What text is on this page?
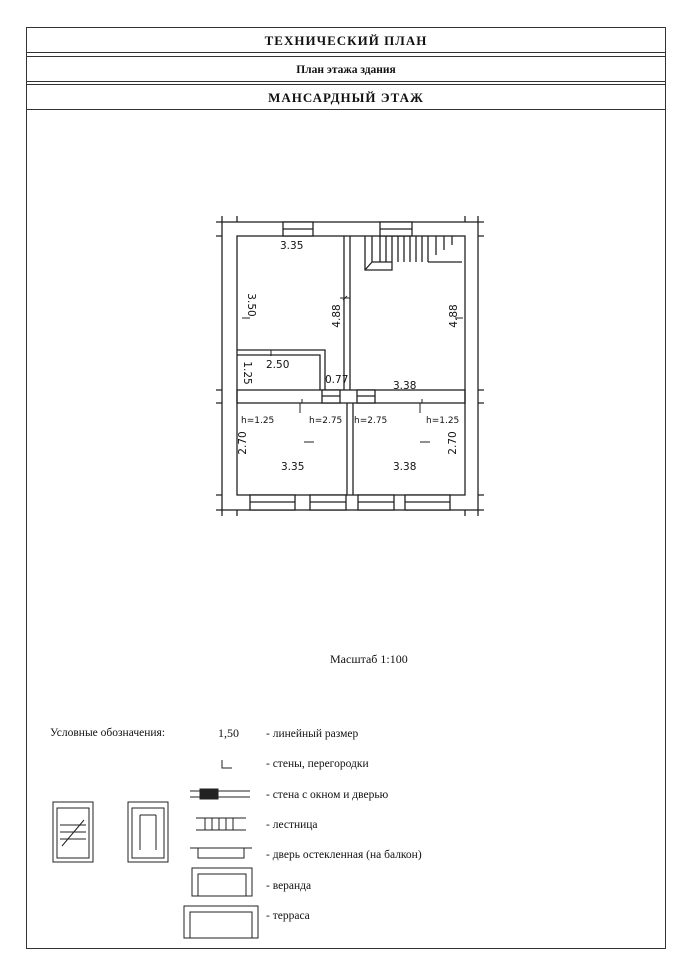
ТЕХНИЧЕСКИЙ ПЛАН
План этажа здания
МАНСАРДНЫЙ ЭТАЖ
3.35
3.50	4.88	4.88
2.50
1.25	0.77	3.38
2.70	2.70
3.35	3.38
h=1.25	h=2.75 h=2.75	h=1.25
Масштаб 1:100
Условные обозначения:	1,50 - линейный размер
- стены, перегородки
- стена с окном и дверью
- лестница
- дверь остекленная (на балкон)
- веранда
- терраса
